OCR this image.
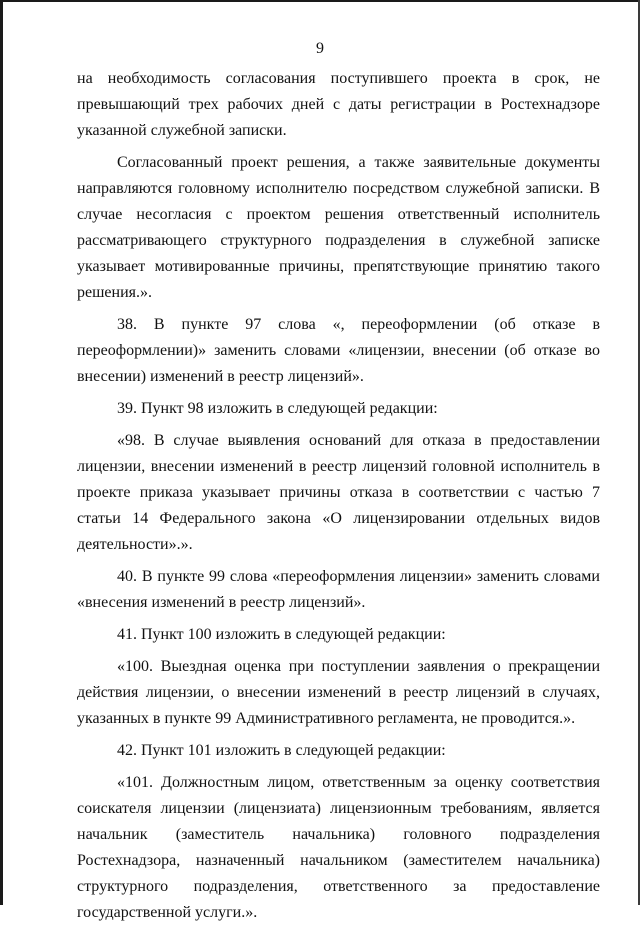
9

на необходимость согласования поступившего проекта в срок, не превышающий трех рабочих дней с даты регистрации в Ростехнадзоре указанной служебной записки.

Согласованный проект решения, а также заявительные документы направляются головному исполнителю посредством служебной записки. В случае несогласия с проектом решения ответственный исполнитель рассматривающего структурного подразделения в служебной записке указывает мотивированные причины, препятствующие принятию такого решения.».

38. В пункте 97 слова «, переоформлении (об отказе в переоформлении)» заменить словами «лицензии, внесении (об отказе во внесении) изменений в реестр лицензий».

39. Пункт 98 изложить в следующей редакции:

«98. В случае выявления оснований для отказа в предоставлении лицензии, внесении изменений в реестр лицензий головной исполнитель в проекте приказа указывает причины отказа в соответствии с частью 7 статьи 14 Федерального закона «О лицензировании отдельных видов деятельности».».

40. В пункте 99 слова «переоформления лицензии» заменить словами «внесения изменений в реестр лицензий».

41. Пункт 100 изложить в следующей редакции:

«100. Выездная оценка при поступлении заявления о прекращении действия лицензии, о внесении изменений в реестр лицензий в случаях, указанных в пункте 99 Административного регламента, не проводится.».

42. Пункт 101 изложить в следующей редакции:

«101. Должностным лицом, ответственным за оценку соответствия соискателя лицензии (лицензиата) лицензионным требованиям, является начальник (заместитель начальника) головного подразделения Ростехнадзора, назначенный начальником (заместителем начальника) структурного подразделения, ответственного за предоставление государственной услуги.».
